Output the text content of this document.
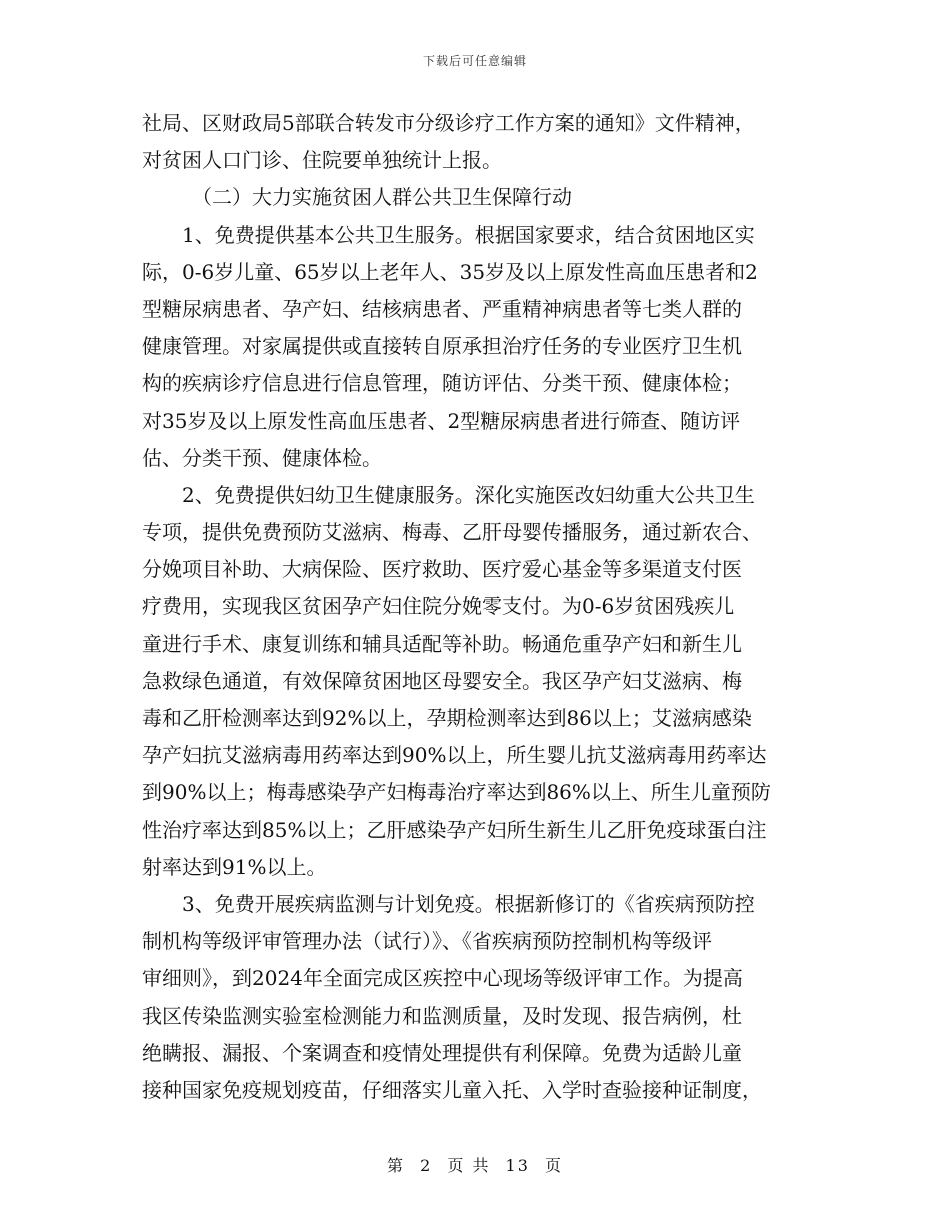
下载后可任意编辑
社局、区财政局5部联合转发市分级诊疗工作方案的通知》文件精神，
对贫困人口门诊、住院要单独统计上报。
　　　（二）大力实施贫困人群公共卫生保障行动
　　1、免费提供基本公共卫生服务。根据国家要求，结合贫困地区实
际，0-6岁儿童、65岁以上老年人、35岁及以上原发性高血压患者和2
型糖尿病患者、孕产妇、结核病患者、严重精神病患者等七类人群的
健康管理。对家属提供或直接转自原承担治疗任务的专业医疗卫生机
构的疾病诊疗信息进行信息管理，随访评估、分类干预、健康体检；
对35岁及以上原发性高血压患者、2型糖尿病患者进行筛查、随访评
估、分类干预、健康体检。
　　2、免费提供妇幼卫生健康服务。深化实施医改妇幼重大公共卫生
专项，提供免费预防艾滋病、梅毒、乙肝母婴传播服务，通过新农合、
分娩项目补助、大病保险、医疗救助、医疗爱心基金等多渠道支付医
疗费用，实现我区贫困孕产妇住院分娩零支付。为0-6岁贫困残疾儿
童进行手术、康复训练和辅具适配等补助。畅通危重孕产妇和新生儿
急救绿色通道，有效保障贫困地区母婴安全。我区孕产妇艾滋病、梅
毒和乙肝检测率达到92%以上，孕期检测率达到86以上；艾滋病感染
孕产妇抗艾滋病毒用药率达到90%以上，所生婴儿抗艾滋病毒用药率达
到90%以上；梅毒感染孕产妇梅毒治疗率达到86%以上、所生儿童预防
性治疗率达到85%以上；乙肝感染孕产妇所生新生儿乙肝免疫球蛋白注
射率达到91%以上。
　　3、免费开展疾病监测与计划免疫。根据新修订的《省疾病预防控
制机构等级评审管理办法（试行）》、《省疾病预防控制机构等级评
审细则》，到2024年全面完成区疾控中心现场等级评审工作。为提高
我区传染监测实验室检测能力和监测质量，及时发现、报告病例，杜
绝瞒报、漏报、个案调查和疫情处理提供有利保障。免费为适龄儿童
接种国家免疫规划疫苗，仔细落实儿童入托、入学时查验接种证制度，
第 2 页 共 13 页
